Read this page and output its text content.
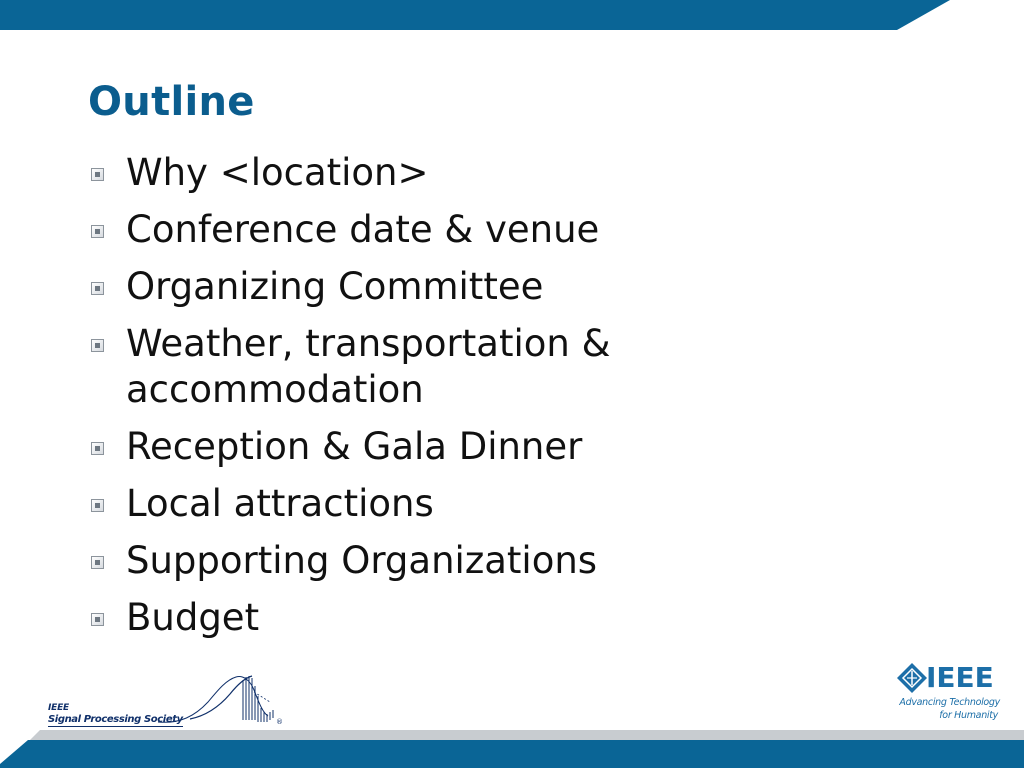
Outline
Why <location>
Conference date & venue
Organizing Committee
Weather, transportation & accommodation
Reception & Gala Dinner
Local attractions
Supporting Organizations
Budget
IEEE
Signal Processing Society	®
IEEE
Advancing Technology
for Humanity
